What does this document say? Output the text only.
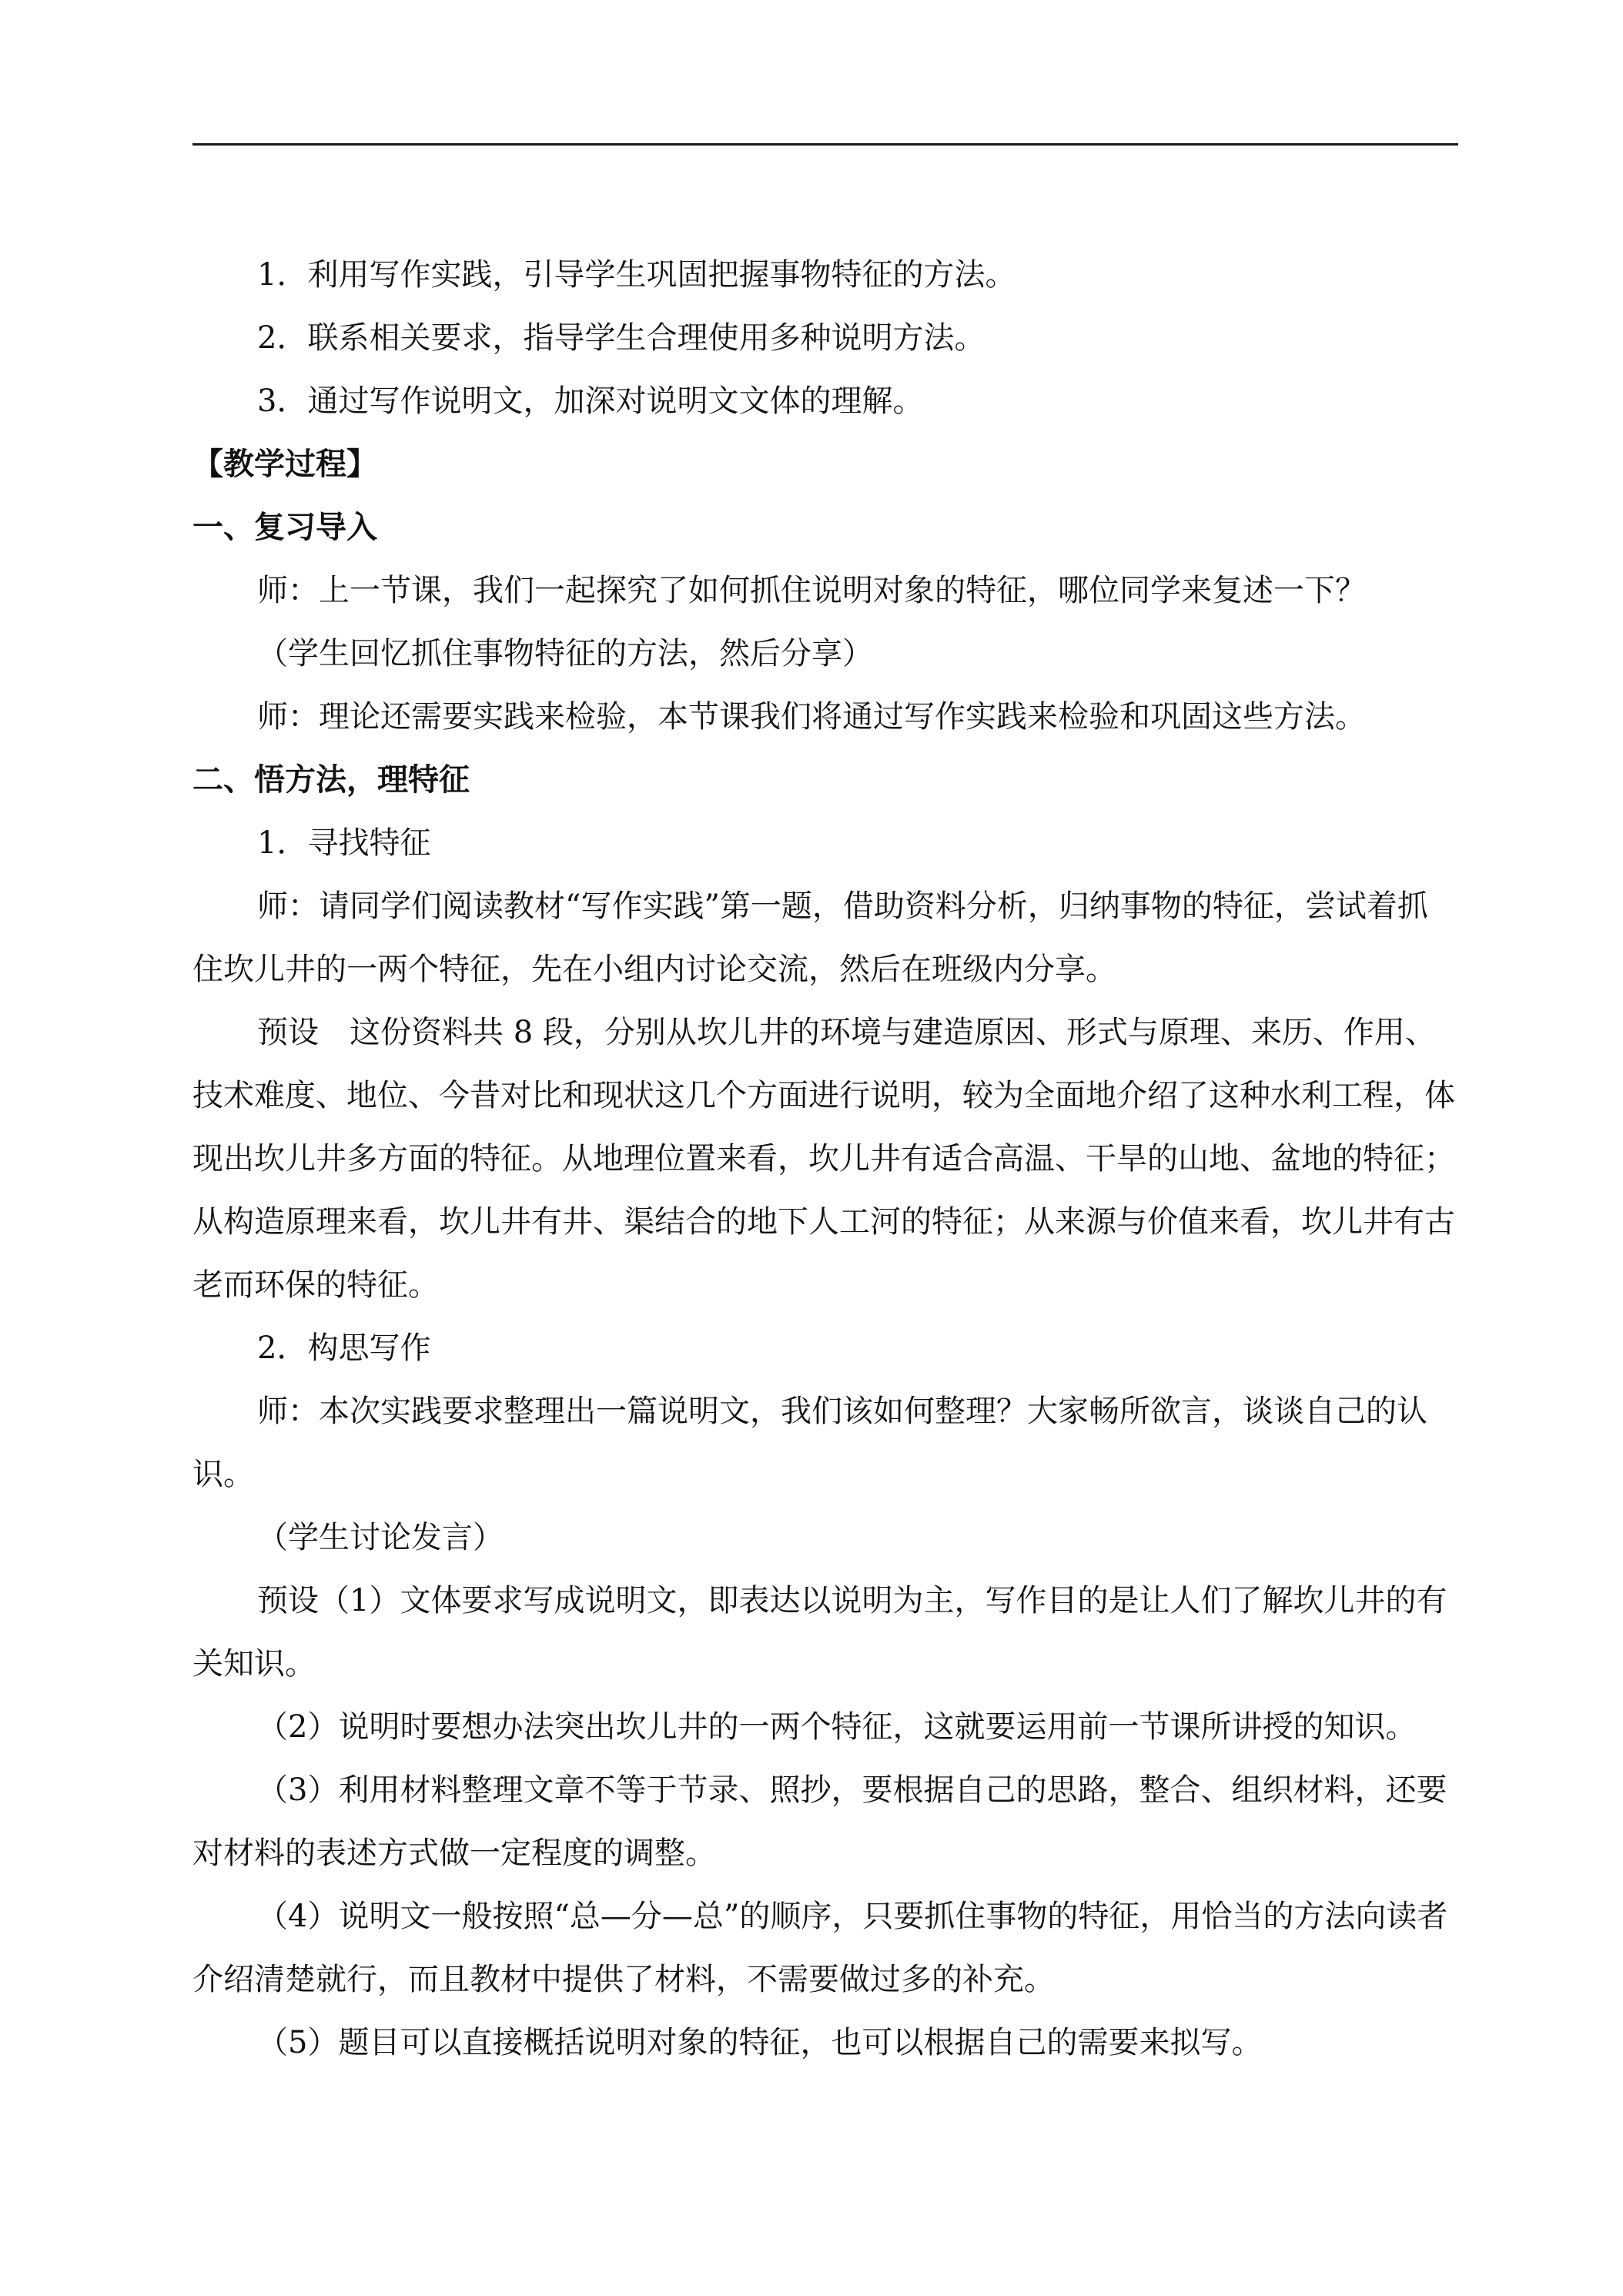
1．利用写作实践，引导学生巩固把握事物特征的方法。

2．联系相关要求，指导学生合理使用多种说明方法。

3．通过写作说明文，加深对说明文文体的理解。

【教学过程】

一、复习导入

师：上一节课，我们一起探究了如何抓住说明对象的特征，哪位同学来复述一下？

（学生回忆抓住事物特征的方法，然后分享）

师：理论还需要实践来检验，本节课我们将通过写作实践来检验和巩固这些方法。

二、悟方法，理特征

1．寻找特征

师：请同学们阅读教材“写作实践”第一题，借助资料分析，归纳事物的特征，尝试着抓住坎儿井的一两个特征，先在小组内讨论交流，然后在班级内分享。

预设　这份资料共 8 段，分别从坎儿井的环境与建造原因、形式与原理、来历、作用、技术难度、地位、今昔对比和现状这几个方面进行说明，较为全面地介绍了这种水利工程，体现出坎儿井多方面的特征。从地理位置来看，坎儿井有适合高温、干旱的山地、盆地的特征；从构造原理来看，坎儿井有井、渠结合的地下人工河的特征；从来源与价值来看，坎儿井有古老而环保的特征。

2．构思写作

师：本次实践要求整理出一篇说明文，我们该如何整理？大家畅所欲言，谈谈自己的认识。

（学生讨论发言）

预设（1）文体要求写成说明文，即表达以说明为主，写作目的是让人们了解坎儿井的有关知识。

（2）说明时要想办法突出坎儿井的一两个特征，这就要运用前一节课所讲授的知识。

（3）利用材料整理文章不等于节录、照抄，要根据自己的思路，整合、组织材料，还要对材料的表述方式做一定程度的调整。

（4）说明文一般按照“总—分—总”的顺序，只要抓住事物的特征，用恰当的方法向读者介绍清楚就行，而且教材中提供了材料，不需要做过多的补充。

（5）题目可以直接概括说明对象的特征，也可以根据自己的需要来拟写。
